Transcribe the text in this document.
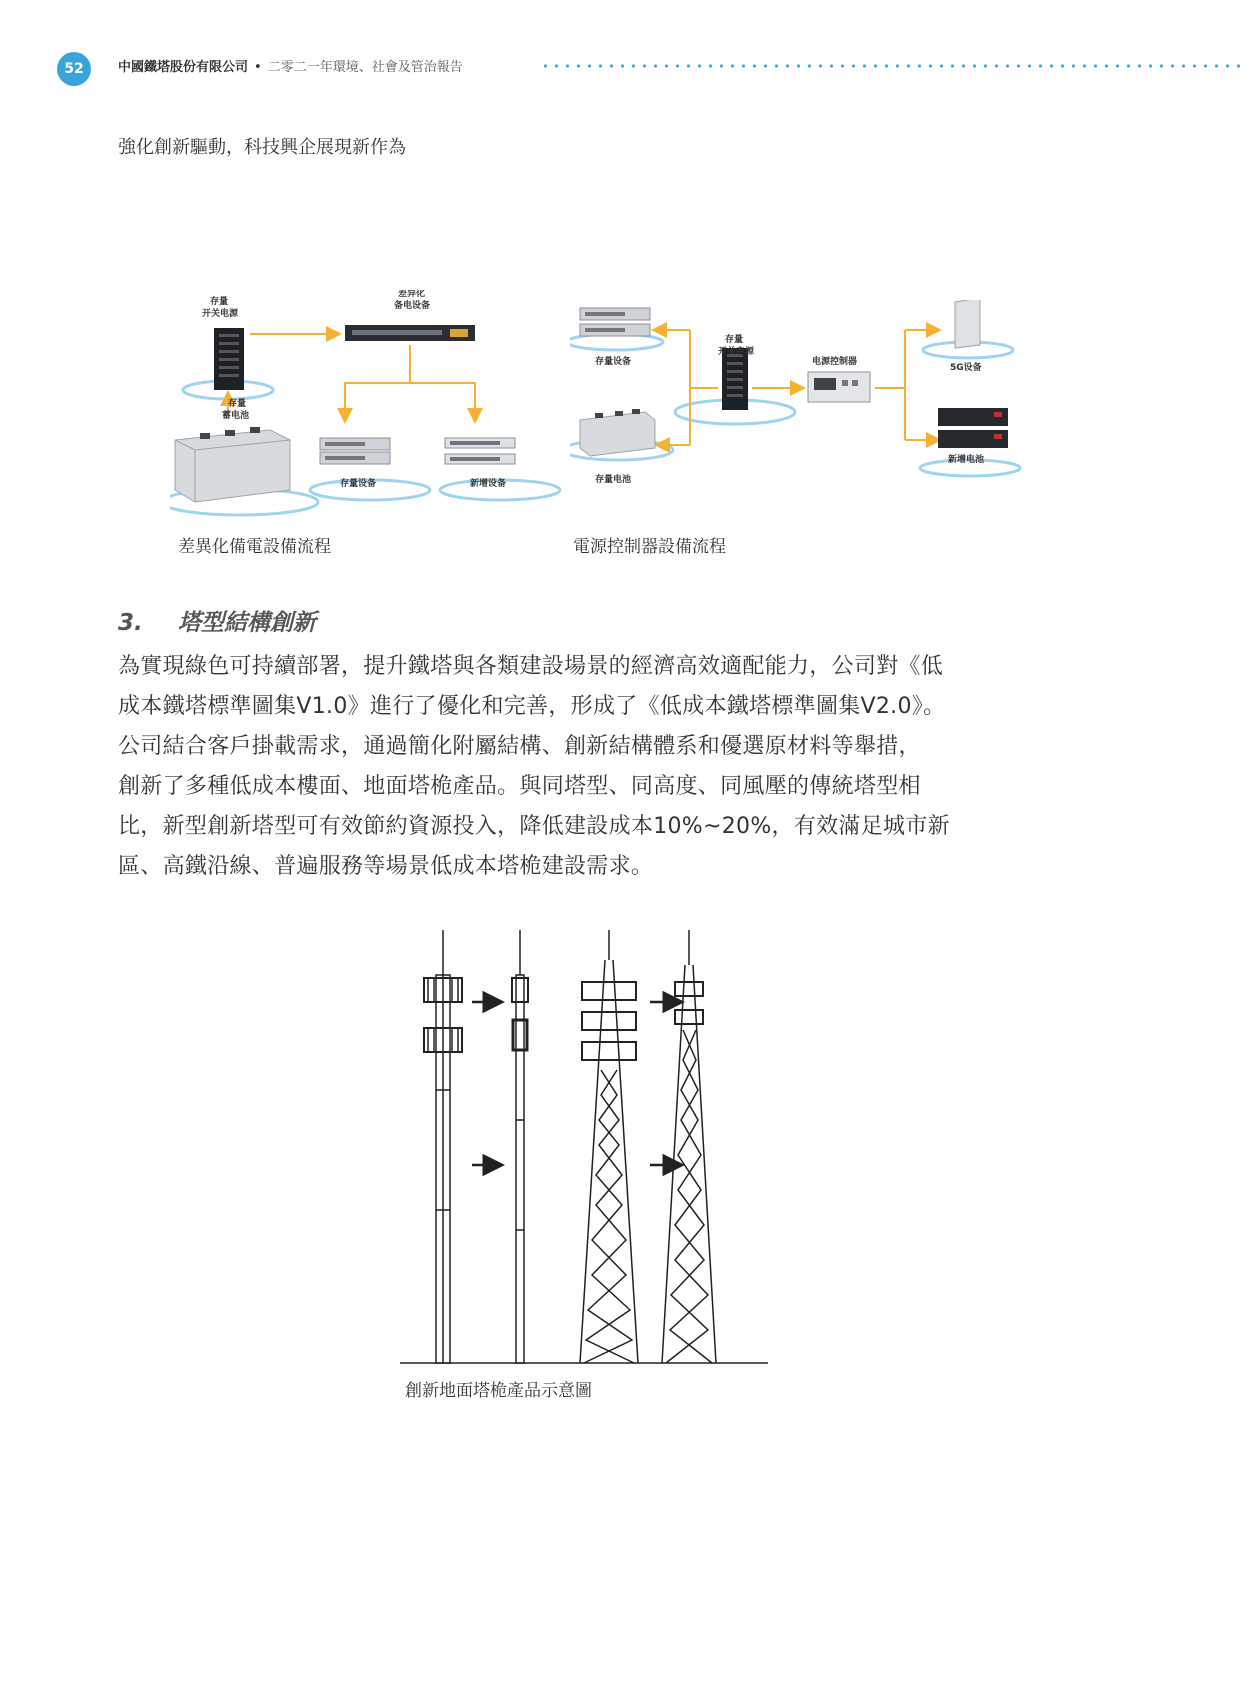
52	中國鐵塔股份有限公司 • 二零二一年環境、社會及管治報告
強化創新驅動，科技興企展現新作為
存量
开关电源
差异化
备电设备
存量
蓄电池
存量设备	新增设备
差異化備電設備流程
存量设备
存量电池
存量
开关电源
电源控制器
5G设备
新增电池
電源控制器設備流程
3. 塔型結構創新

為實現綠色可持續部署，提升鐵塔與各類建設場景的經濟高效適配能力，公司對《低

成本鐵塔標準圖集V1.0》進行了優化和完善，形成了《低成本鐵塔標準圖集V2.0》。

公司結合客戶掛載需求，通過簡化附屬結構、創新結構體系和優選原材料等舉措，

創新了多種低成本樓面、地面塔桅產品。與同塔型、同高度、同風壓的傳統塔型相

比，新型創新塔型可有效節約資源投入，降低建設成本10%~20%，有效滿足城市新

區、高鐵沿線、普遍服務等場景低成本塔桅建設需求。

創新地面塔桅產品示意圖
